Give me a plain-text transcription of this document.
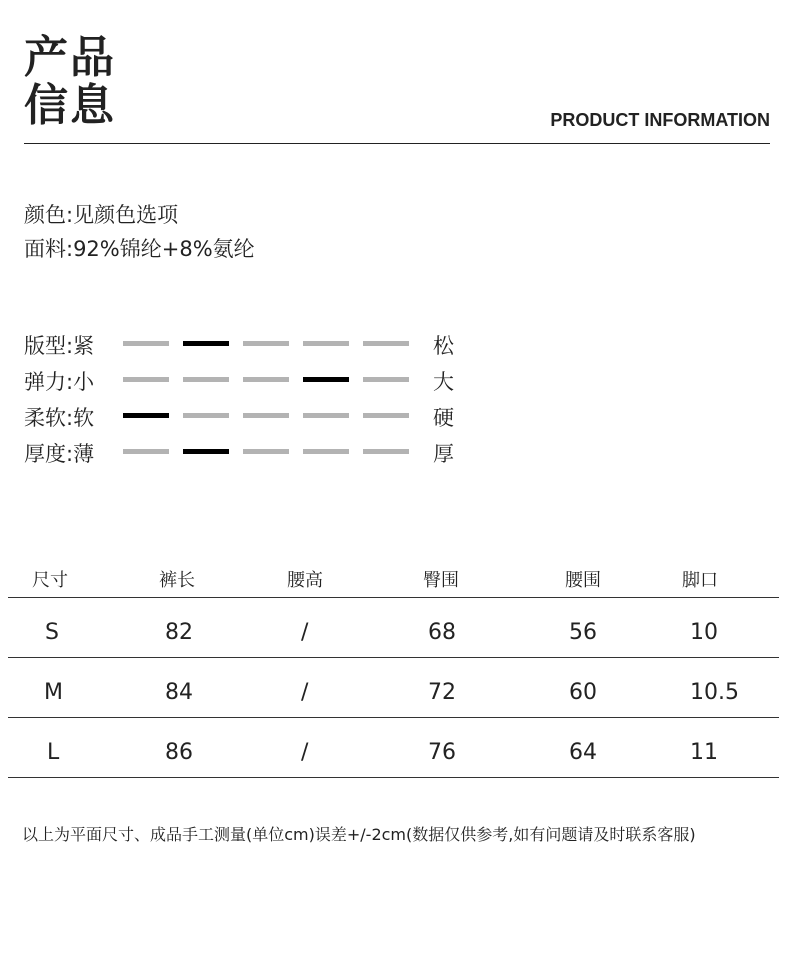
产品
信息	PRODUCT INFORMATION
颜色:见颜色选项
面料:92%锦纶+8%氨纶
版型:紧	松
弹力:小	大
柔软:软	硬
厚度:薄	厚
尺寸	裤长	腰高	臀围	腰围	脚口
S	82	/	68	56	10
M	84	/	72	60	10.5
L	86	/	76	64	11
以上为平面尺寸、成品手工测量(单位cm)误差+/-2cm(数据仅供参考,如有问题请及时联系客服)
